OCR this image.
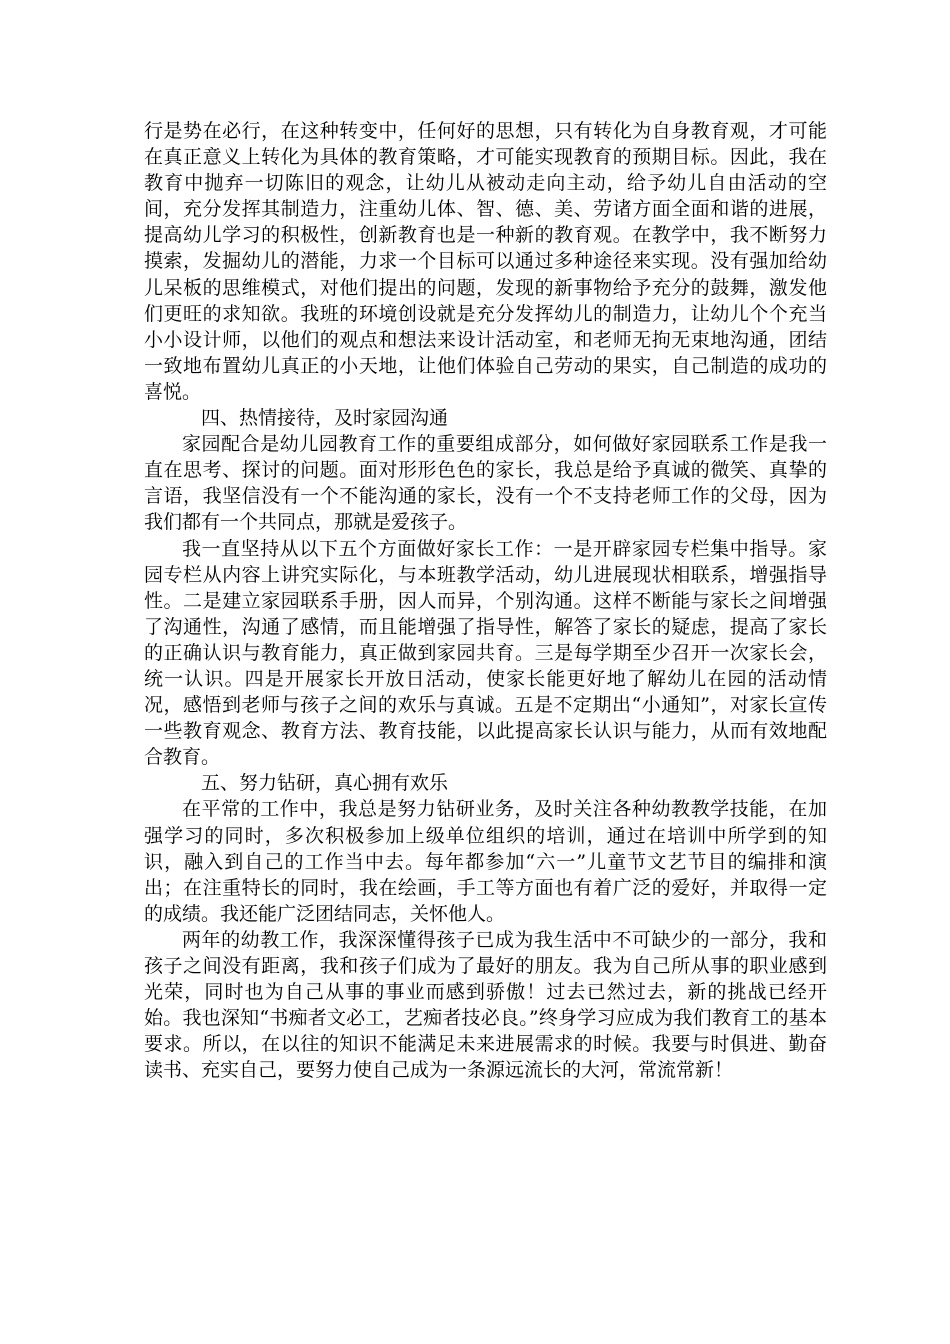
行是势在必行，在这种转变中，任何好的思想，只有转化为自身教育观，才可能在真正意义上转化为具体的教育策略，才可能实现教育的预期目标。因此，我在教育中抛弃一切陈旧的观念，让幼儿从被动走向主动，给予幼儿自由活动的空间，充分发挥其制造力，注重幼儿体、智、德、美、劳诸方面全面和谐的进展，提高幼儿学习的积极性，创新教育也是一种新的教育观。在教学中，我不断努力摸索，发掘幼儿的潜能，力求一个目标可以通过多种途径来实现。没有强加给幼儿呆板的思维模式，对他们提出的问题，发现的新事物给予充分的鼓舞，激发他们更旺的求知欲。我班的环境创设就是充分发挥幼儿的制造力，让幼儿个个充当小小设计师，以他们的观点和想法来设计活动室，和老师无拘无束地沟通，团结一致地布置幼儿真正的小天地，让他们体验自己劳动的果实，自己制造的成功的喜悦。

四、热情接待，及时家园沟通

家园配合是幼儿园教育工作的重要组成部分，如何做好家园联系工作是我一直在思考、探讨的问题。面对形形色色的家长，我总是给予真诚的微笑、真挚的言语，我坚信没有一个不能沟通的家长，没有一个不支持老师工作的父母，因为我们都有一个共同点，那就是爱孩子。

我一直坚持从以下五个方面做好家长工作：一是开辟家园专栏集中指导。家园专栏从内容上讲究实际化，与本班教学活动，幼儿进展现状相联系，增强指导性。二是建立家园联系手册，因人而异，个别沟通。这样不断能与家长之间增强了沟通性，沟通了感情，而且能增强了指导性，解答了家长的疑虑，提高了家长的正确认识与教育能力，真正做到家园共育。三是每学期至少召开一次家长会，统一认识。四是开展家长开放日活动，使家长能更好地了解幼儿在园的活动情况，感悟到老师与孩子之间的欢乐与真诚。五是不定期出“小通知”，对家长宣传一些教育观念、教育方法、教育技能，以此提高家长认识与能力，从而有效地配合教育。

五、努力钻研，真心拥有欢乐

在平常的工作中，我总是努力钻研业务，及时关注各种幼教教学技能，在加强学习的同时，多次积极参加上级单位组织的培训，通过在培训中所学到的知识，融入到自己的工作当中去。每年都参加“六一”儿童节文艺节目的编排和演出；在注重特长的同时，我在绘画，手工等方面也有着广泛的爱好，并取得一定的成绩。我还能广泛团结同志，关怀他人。

两年的幼教工作，我深深懂得孩子已成为我生活中不可缺少的一部分，我和孩子之间没有距离，我和孩子们成为了最好的朋友。我为自己所从事的职业感到光荣，同时也为自己从事的事业而感到骄傲！过去已然过去，新的挑战已经开始。我也深知“书痴者文必工，艺痴者技必良。”终身学习应成为我们教育工的基本要求。所以，在以往的知识不能满足未来进展需求的时候。我要与时俱进、勤奋读书、充实自己，要努力使自己成为一条源远流长的大河，常流常新！
